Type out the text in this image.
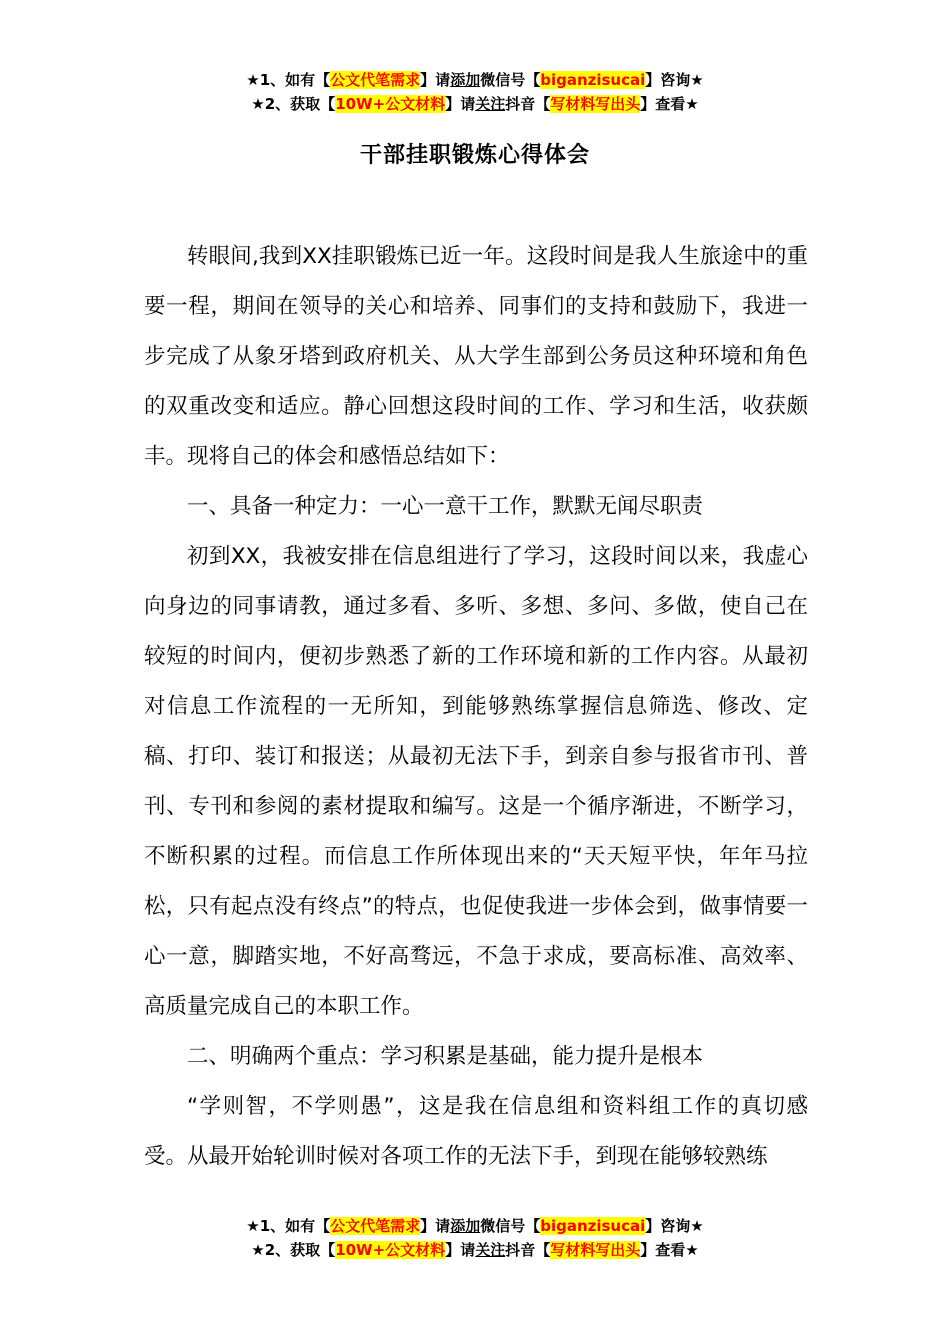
★1、如有【公文代笔需求】请添加微信号【biganzisucai】咨询★
★2、获取【10W+公文材料】请关注抖音【写材料写出头】查看★
干部挂职锻炼心得体会

转眼间,我到XX挂职锻炼已近一年。这段时间是我人生旅途中的重要一程，期间在领导的关心和培养、同事们的支持和鼓励下，我进一步完成了从象牙塔到政府机关、从大学生部到公务员这种环境和角色的双重改变和适应。静心回想这段时间的工作、学习和生活，收获颇丰。现将自己的体会和感悟总结如下：

一、具备一种定力：一心一意干工作，默默无闻尽职责

初到XX，我被安排在信息组进行了学习，这段时间以来，我虚心向身边的同事请教，通过多看、多听、多想、多问、多做，使自己在较短的时间内，便初步熟悉了新的工作环境和新的工作内容。从最初对信息工作流程的一无所知，到能够熟练掌握信息筛选、修改、定稿、打印、装订和报送；从最初无法下手，到亲自参与报省市刊、普刊、专刊和参阅的素材提取和编写。这是一个循序渐进，不断学习，不断积累的过程。而信息工作所体现出来的“天天短平快，年年马拉松，只有起点没有终点”的特点，也促使我进一步体会到，做事情要一心一意，脚踏实地，不好高骛远，不急于求成，要高标准、高效率、高质量完成自己的本职工作。

二、明确两个重点：学习积累是基础，能力提升是根本

“学则智，不学则愚”，这是我在信息组和资料组工作的真切感受。从最开始轮训时候对各项工作的无法下手，到现在能够较熟练

★1、如有【公文代笔需求】请添加微信号【biganzisucai】咨询★
★2、获取【10W+公文材料】请关注抖音【写材料写出头】查看★
